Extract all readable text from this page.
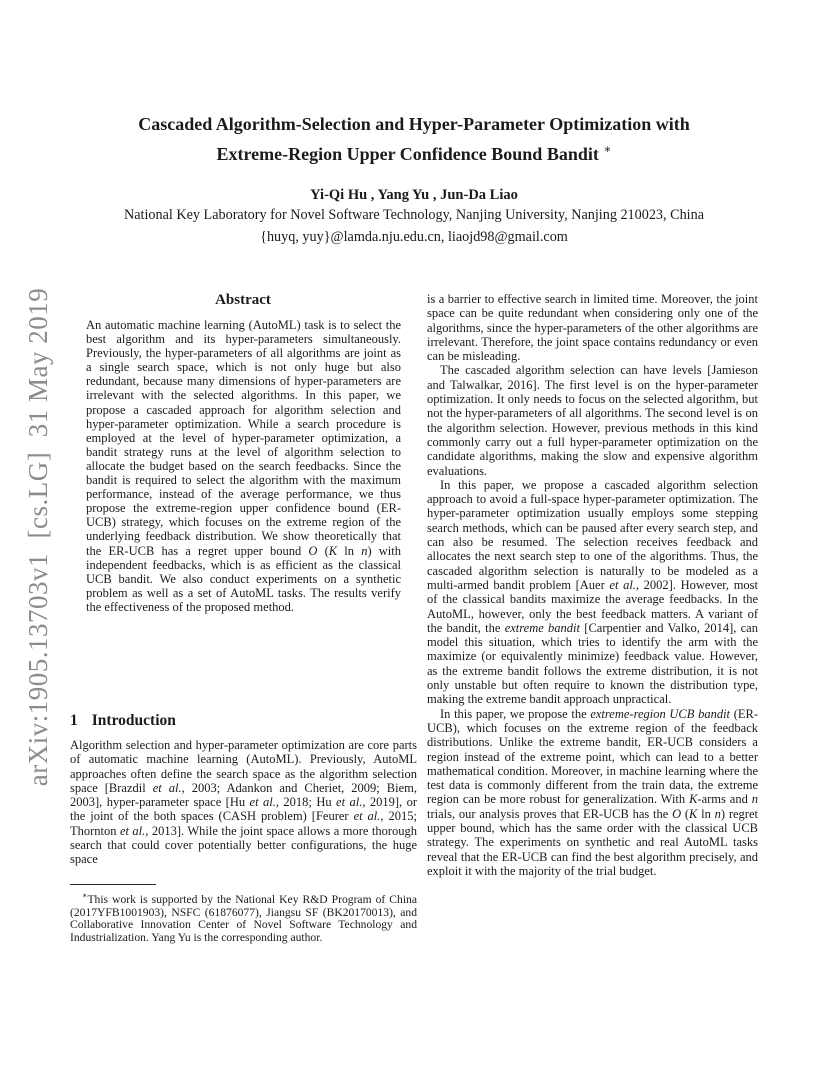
arXiv:1905.13703v1  [cs.LG]  31 May 2019
Cascaded Algorithm-Selection and Hyper-Parameter Optimization with
Extreme-Region Upper Confidence Bound Bandit ∗
Yi-Qi Hu , Yang Yu , Jun-Da Liao
National Key Laboratory for Novel Software Technology, Nanjing University, Nanjing 210023, China
{huyq, yuy}@lamda.nju.edu.cn, liaojd98@gmail.com
Abstract

An automatic machine learning (AutoML) task is to select the best algorithm and its hyper-parameters simultaneously. Previously, the hyper-parameters of all algorithms are joint as a single search space, which is not only huge but also redundant, because many dimensions of hyper-parameters are irrelevant with the selected algorithms. In this paper, we propose a cascaded approach for algorithm selection and hyper-parameter optimization. While a search procedure is employed at the level of hyper-parameter optimization, a bandit strategy runs at the level of algorithm selection to allocate the budget based on the search feedbacks. Since the bandit is required to select the algorithm with the maximum performance, instead of the average performance, we thus propose the extreme-region upper confidence bound (ER-UCB) strategy, which focuses on the extreme region of the underlying feedback distribution. We show theoretically that the ER-UCB has a regret upper bound O (K ln n) with independent feedbacks, which is as efficient as the classical UCB bandit. We also conduct experiments on a synthetic problem as well as a set of AutoML tasks. The results verify the effectiveness of the proposed method.

1 Introduction

Algorithm selection and hyper-parameter optimization are core parts of automatic machine learning (AutoML). Previously, AutoML approaches often define the search space as the algorithm selection space [Brazdil et al., 2003; Adankon and Cheriet, 2009; Biem, 2003], hyper-parameter space [Hu et al., 2018; Hu et al., 2019], or the joint of the both spaces (CASH problem) [Feurer et al., 2015; Thornton et al., 2013]. While the joint space allows a more thorough search that could cover potentially better configurations, the huge space

∗This work is supported by the National Key R&D Program of China (2017YFB1001903), NSFC (61876077), Jiangsu SF (BK20170013), and Collaborative Innovation Center of Novel Software Technology and Industrialization. Yang Yu is the corresponding author.

is a barrier to effective search in limited time. Moreover, the joint space can be quite redundant when considering only one of the algorithms, since the hyper-parameters of the other algorithms are irrelevant. Therefore, the joint space contains redundancy or even can be misleading.

The cascaded algorithm selection can have levels [Jamieson and Talwalkar, 2016]. The first level is on the hyper-parameter optimization. It only needs to focus on the selected algorithm, but not the hyper-parameters of all algorithms. The second level is on the algorithm selection. However, previous methods in this kind commonly carry out a full hyper-parameter optimization on the candidate algorithms, making the slow and expensive algorithm evaluations.

In this paper, we propose a cascaded algorithm selection approach to avoid a full-space hyper-parameter optimization. The hyper-parameter optimization usually employs some stepping search methods, which can be paused after every search step, and can also be resumed. The selection receives feedback and allocates the next search step to one of the algorithms. Thus, the cascaded algorithm selection is naturally to be modeled as a multi-armed bandit problem [Auer et al., 2002]. However, most of the classical bandits maximize the average feedbacks. In the AutoML, however, only the best feedback matters. A variant of the bandit, the extreme bandit [Carpentier and Valko, 2014], can model this situation, which tries to identify the arm with the maximize (or equivalently minimize) feedback value. However, as the extreme bandit follows the extreme distribution, it is not only unstable but often require to known the distribution type, making the extreme bandit approach unpractical.

In this paper, we propose the extreme-region UCB bandit (ER-UCB), which focuses on the extreme region of the feedback distributions. Unlike the extreme bandit, ER-UCB considers a region instead of the extreme point, which can lead to a better mathematical condition. Moreover, in machine learning where the test data is commonly different from the train data, the extreme region can be more robust for generalization. With K-arms and n trials, our analysis proves that ER-UCB has the O (K ln n) regret upper bound, which has the same order with the classical UCB strategy. The experiments on synthetic and real AutoML tasks reveal that the ER-UCB can find the best algorithm precisely, and exploit it with the majority of the trial budget.
